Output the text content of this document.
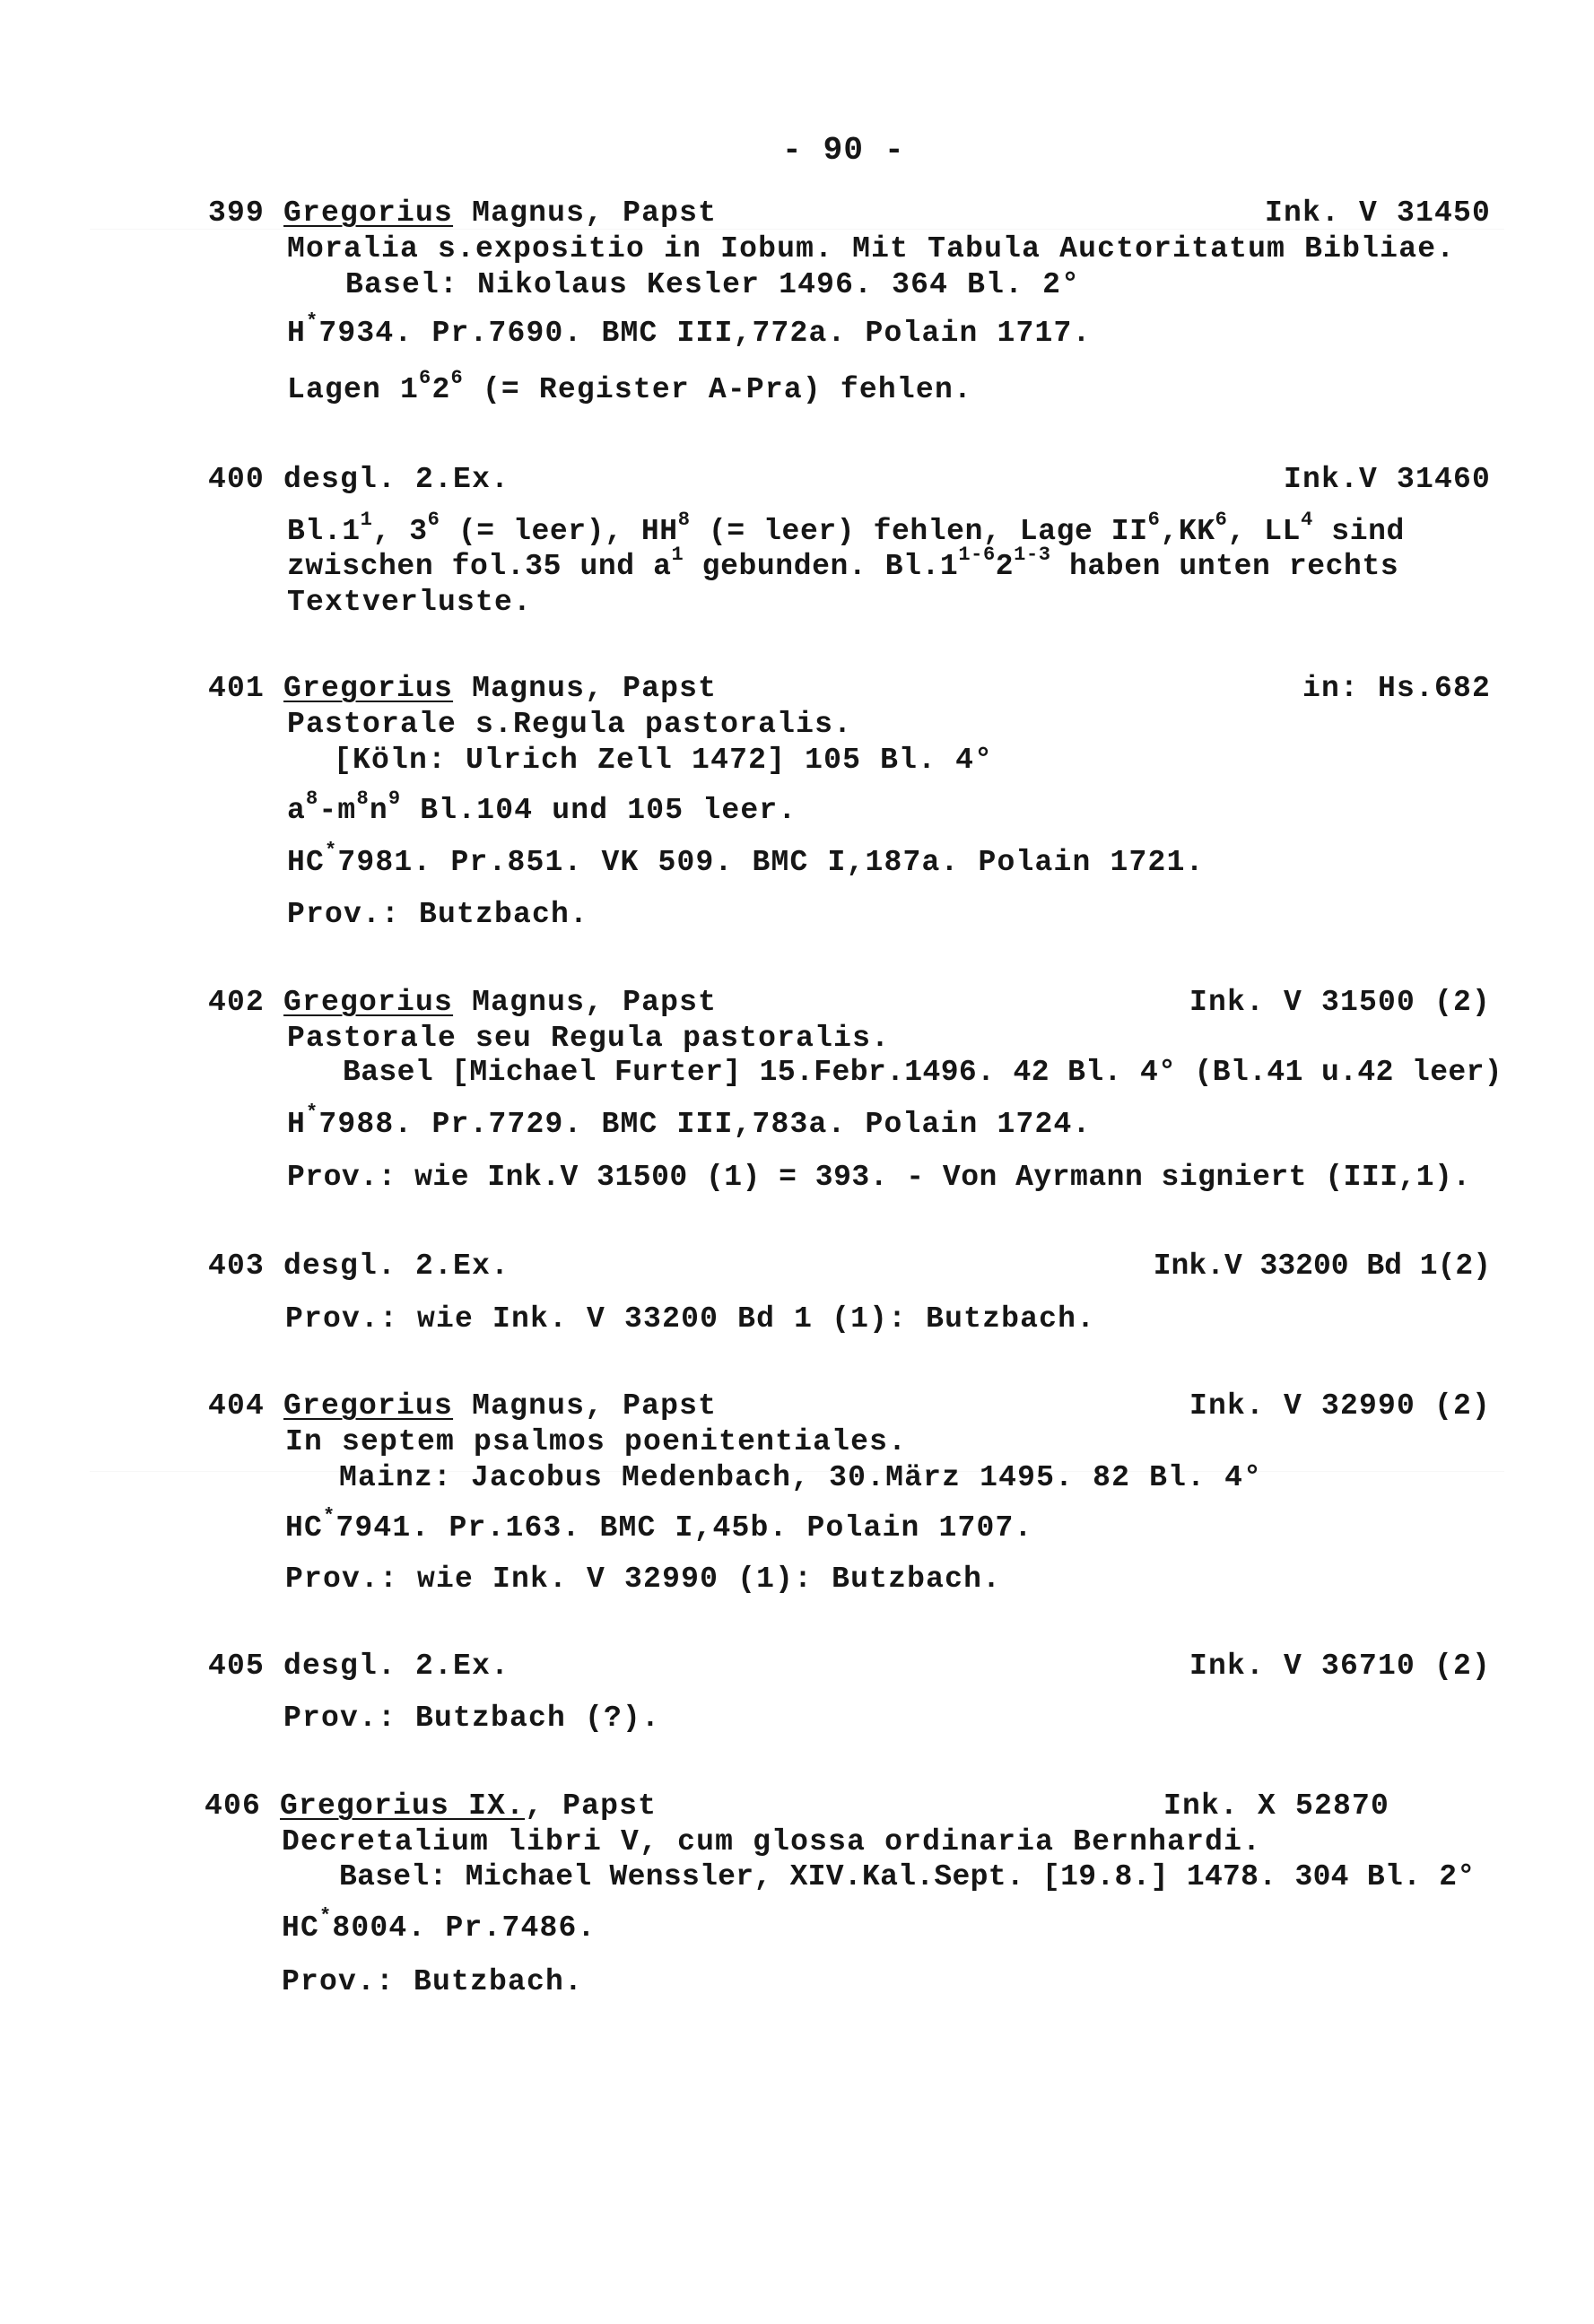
- 90 -
399 Gregorius Magnus, Papst	Ink. V 31450
Moralia s.expositio in Iobum. Mit Tabula Auctoritatum Bibliae.
Basel: Nikolaus Kesler 1496. 364 Bl. 2°
H*7934. Pr.7690. BMC III,772a. Polain 1717.
Lagen $1^62^6$ (= Register A-Pra) fehlen.
400 desgl. 2.Ex.	Ink.V 31460
$Bl.1^1$, $3^6$ (= leer), $HH^8$ (= leer) fehlen, Lage $II^6,KK^6$, $LL^4$ sind
zwischen fol.35 und $a^1$ gebunden. Bl.1$^{1-6}$2$^{1-3}$ haben unten rechts
Textverluste.
401 Gregorius Magnus, Papst	in: Hs.682
Pastorale s.Regula pastoralis.
[Köln: Ulrich Zell 1472] 105 Bl. 4°
$a^8-m^8n^9$ Bl.104 und 105 leer.
HC*7981. Pr.851. VK 509. BMC I,187a. Polain 1721.
Prov.: Butzbach.
402 Gregorius Magnus, Papst	Ink. V 31500 (2)
Pastorale seu Regula pastoralis.
Basel [Michael Furter] 15.Febr.1496. 42 Bl. 4° (Bl.41 u.42 leer)
H*7988. Pr.7729. BMC III,783a. Polain 1724.
Prov.: wie Ink.V 31500 (1) = 393. - Von Ayrmann signiert (III,1).
403 desgl. 2.Ex.	Ink.V 33200 Bd 1(2)
Prov.: wie Ink. V 33200 Bd 1 (1): Butzbach.
404 Gregorius Magnus, Papst	Ink. V 32990 (2)
In septem psalmos poenitentiales.
Mainz: Jacobus Medenbach, 30.März 1495. 82 Bl. 4°
HC*7941. Pr.163. BMC I,45b. Polain 1707.
Prov.: wie Ink. V 32990 (1): Butzbach.
405 desgl. 2.Ex.	Ink. V 36710 (2)
Prov.: Butzbach (?).
406 Gregorius IX., Papst	Ink. X 52870
Decretalium libri V, cum glossa ordinaria Bernhardi.
Basel: Michael Wenssler, XIV.Kal.Sept. [19.8.] 1478. 304 Bl. 2°
HC*8004. Pr.7486.
Prov.: Butzbach.
